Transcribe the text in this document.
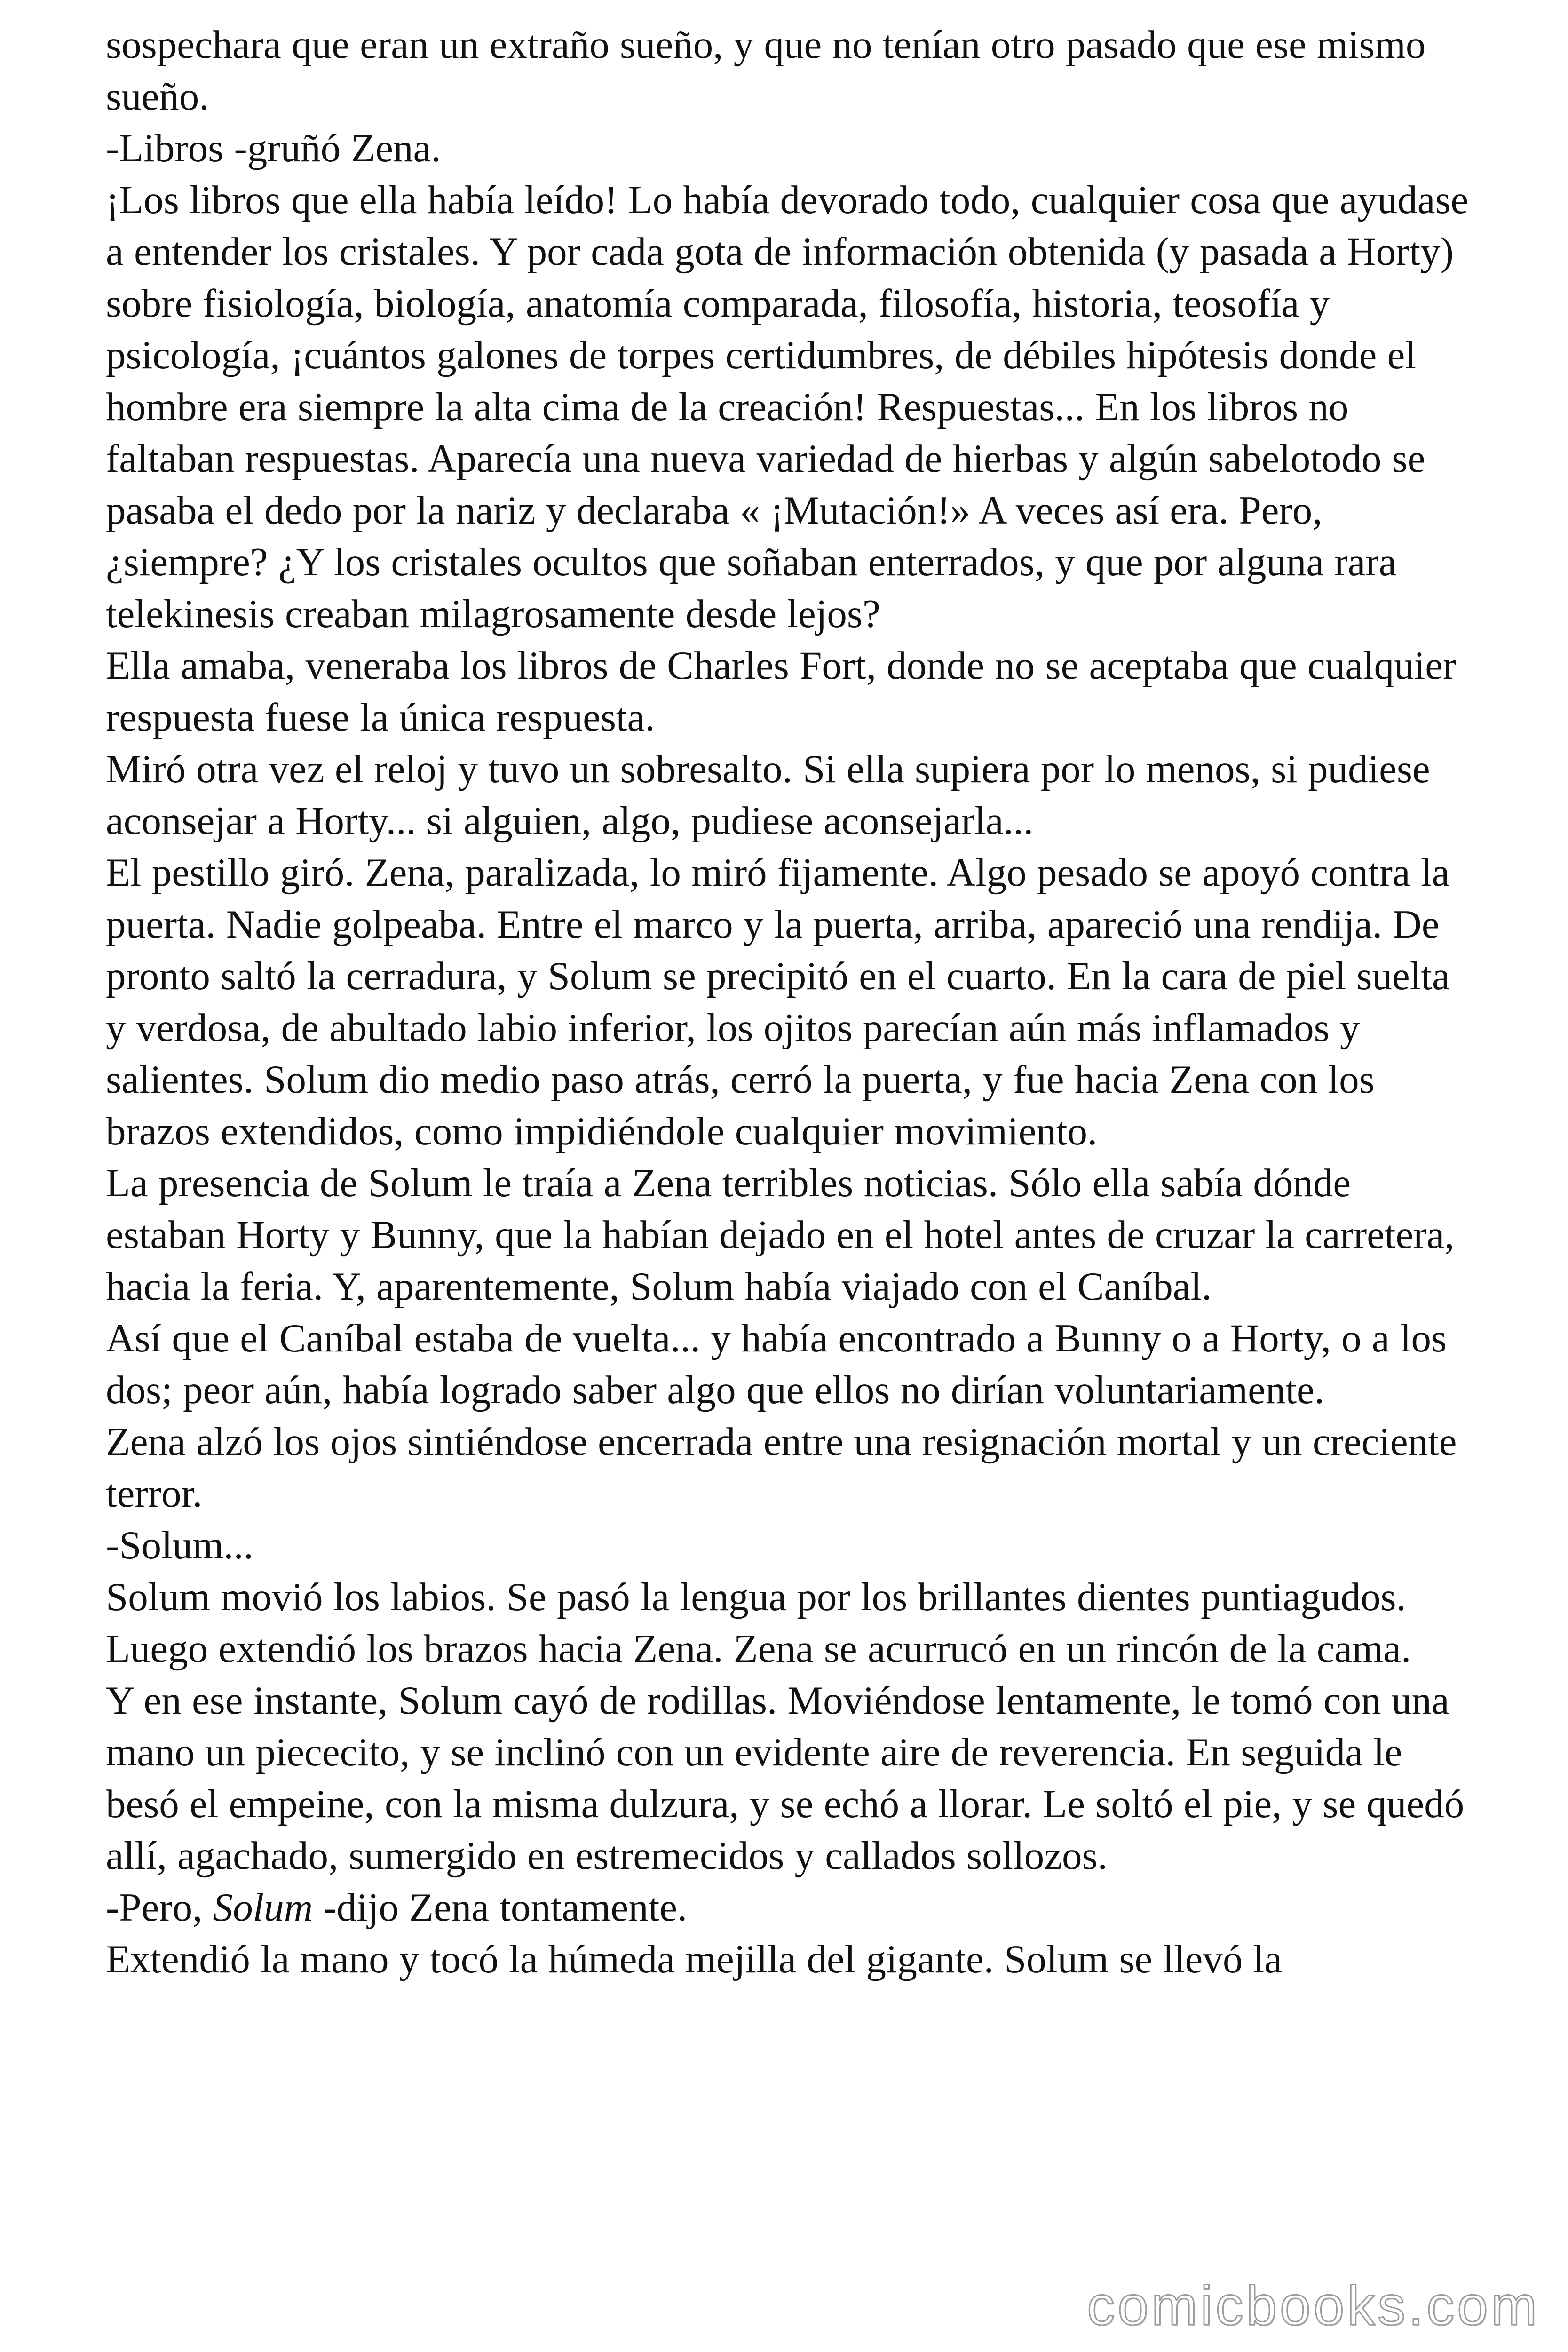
sospechara que eran un extraño sueño, y que no tenían otro pasado que ese mismo sueño.

-Libros -gruñó Zena.

¡Los libros que ella había leído! Lo había devorado todo, cualquier cosa que ayudase a entender los cristales. Y por cada gota de información obtenida (y pasada a Horty) sobre fisiología, biología, anatomía comparada, filosofía, historia, teosofía y psicología, ¡cuántos galones de torpes certidumbres, de débiles hipótesis donde el hombre era siempre la alta cima de la creación! Respuestas... En los libros no faltaban respuestas. Aparecía una nueva variedad de hierbas y algún sabelotodo se pasaba el dedo por la nariz y declaraba « ¡Mutación!» A veces así era. Pero, ¿siempre? ¿Y los cristales ocultos que soñaban enterrados, y que por alguna rara telekinesis creaban milagrosamente desde lejos?

Ella amaba, veneraba los libros de Charles Fort, donde no se aceptaba que cualquier respuesta fuese la única respuesta.

Miró otra vez el reloj y tuvo un sobresalto. Si ella supiera por lo menos, si pudiese aconsejar a Horty... si alguien, algo, pudiese aconsejarla...

El pestillo giró. Zena, paralizada, lo miró fijamente. Algo pesado se apoyó contra la puerta. Nadie golpeaba. Entre el marco y la puerta, arriba, apareció una rendija. De pronto saltó la cerradura, y Solum se precipitó en el cuarto. En la cara de piel suelta y verdosa, de abultado labio inferior, los ojitos parecían aún más inflamados y salientes. Solum dio medio paso atrás, cerró la puerta, y fue hacia Zena con los brazos extendidos, como impidiéndole cualquier movimiento.

La presencia de Solum le traía a Zena terribles noticias. Sólo ella sabía dónde estaban Horty y Bunny, que la habían dejado en el hotel antes de cruzar la carretera, hacia la feria. Y, aparentemente, Solum había viajado con el Caníbal.

Así que el Caníbal estaba de vuelta... y había encontrado a Bunny o a Horty, o a los dos; peor aún, había logrado saber algo que ellos no dirían voluntariamente.

Zena alzó los ojos sintiéndose encerrada entre una resignación mortal y un creciente terror.

-Solum...

Solum movió los labios. Se pasó la lengua por los brillantes dientes puntiagudos. Luego extendió los brazos hacia Zena. Zena se acurrucó en un rincón de la cama.

Y en ese instante, Solum cayó de rodillas. Moviéndose lentamente, le tomó con una mano un piececito, y se inclinó con un evidente aire de reverencia. En seguida le besó el empeine, con la misma dulzura, y se echó a llorar. Le soltó el pie, y se quedó allí, agachado, sumergido en estremecidos y callados sollozos.

-Pero, Solum -dijo Zena tontamente.

Extendió la mano y tocó la húmeda mejilla del gigante. Solum se llevó la

comicbooks.com
